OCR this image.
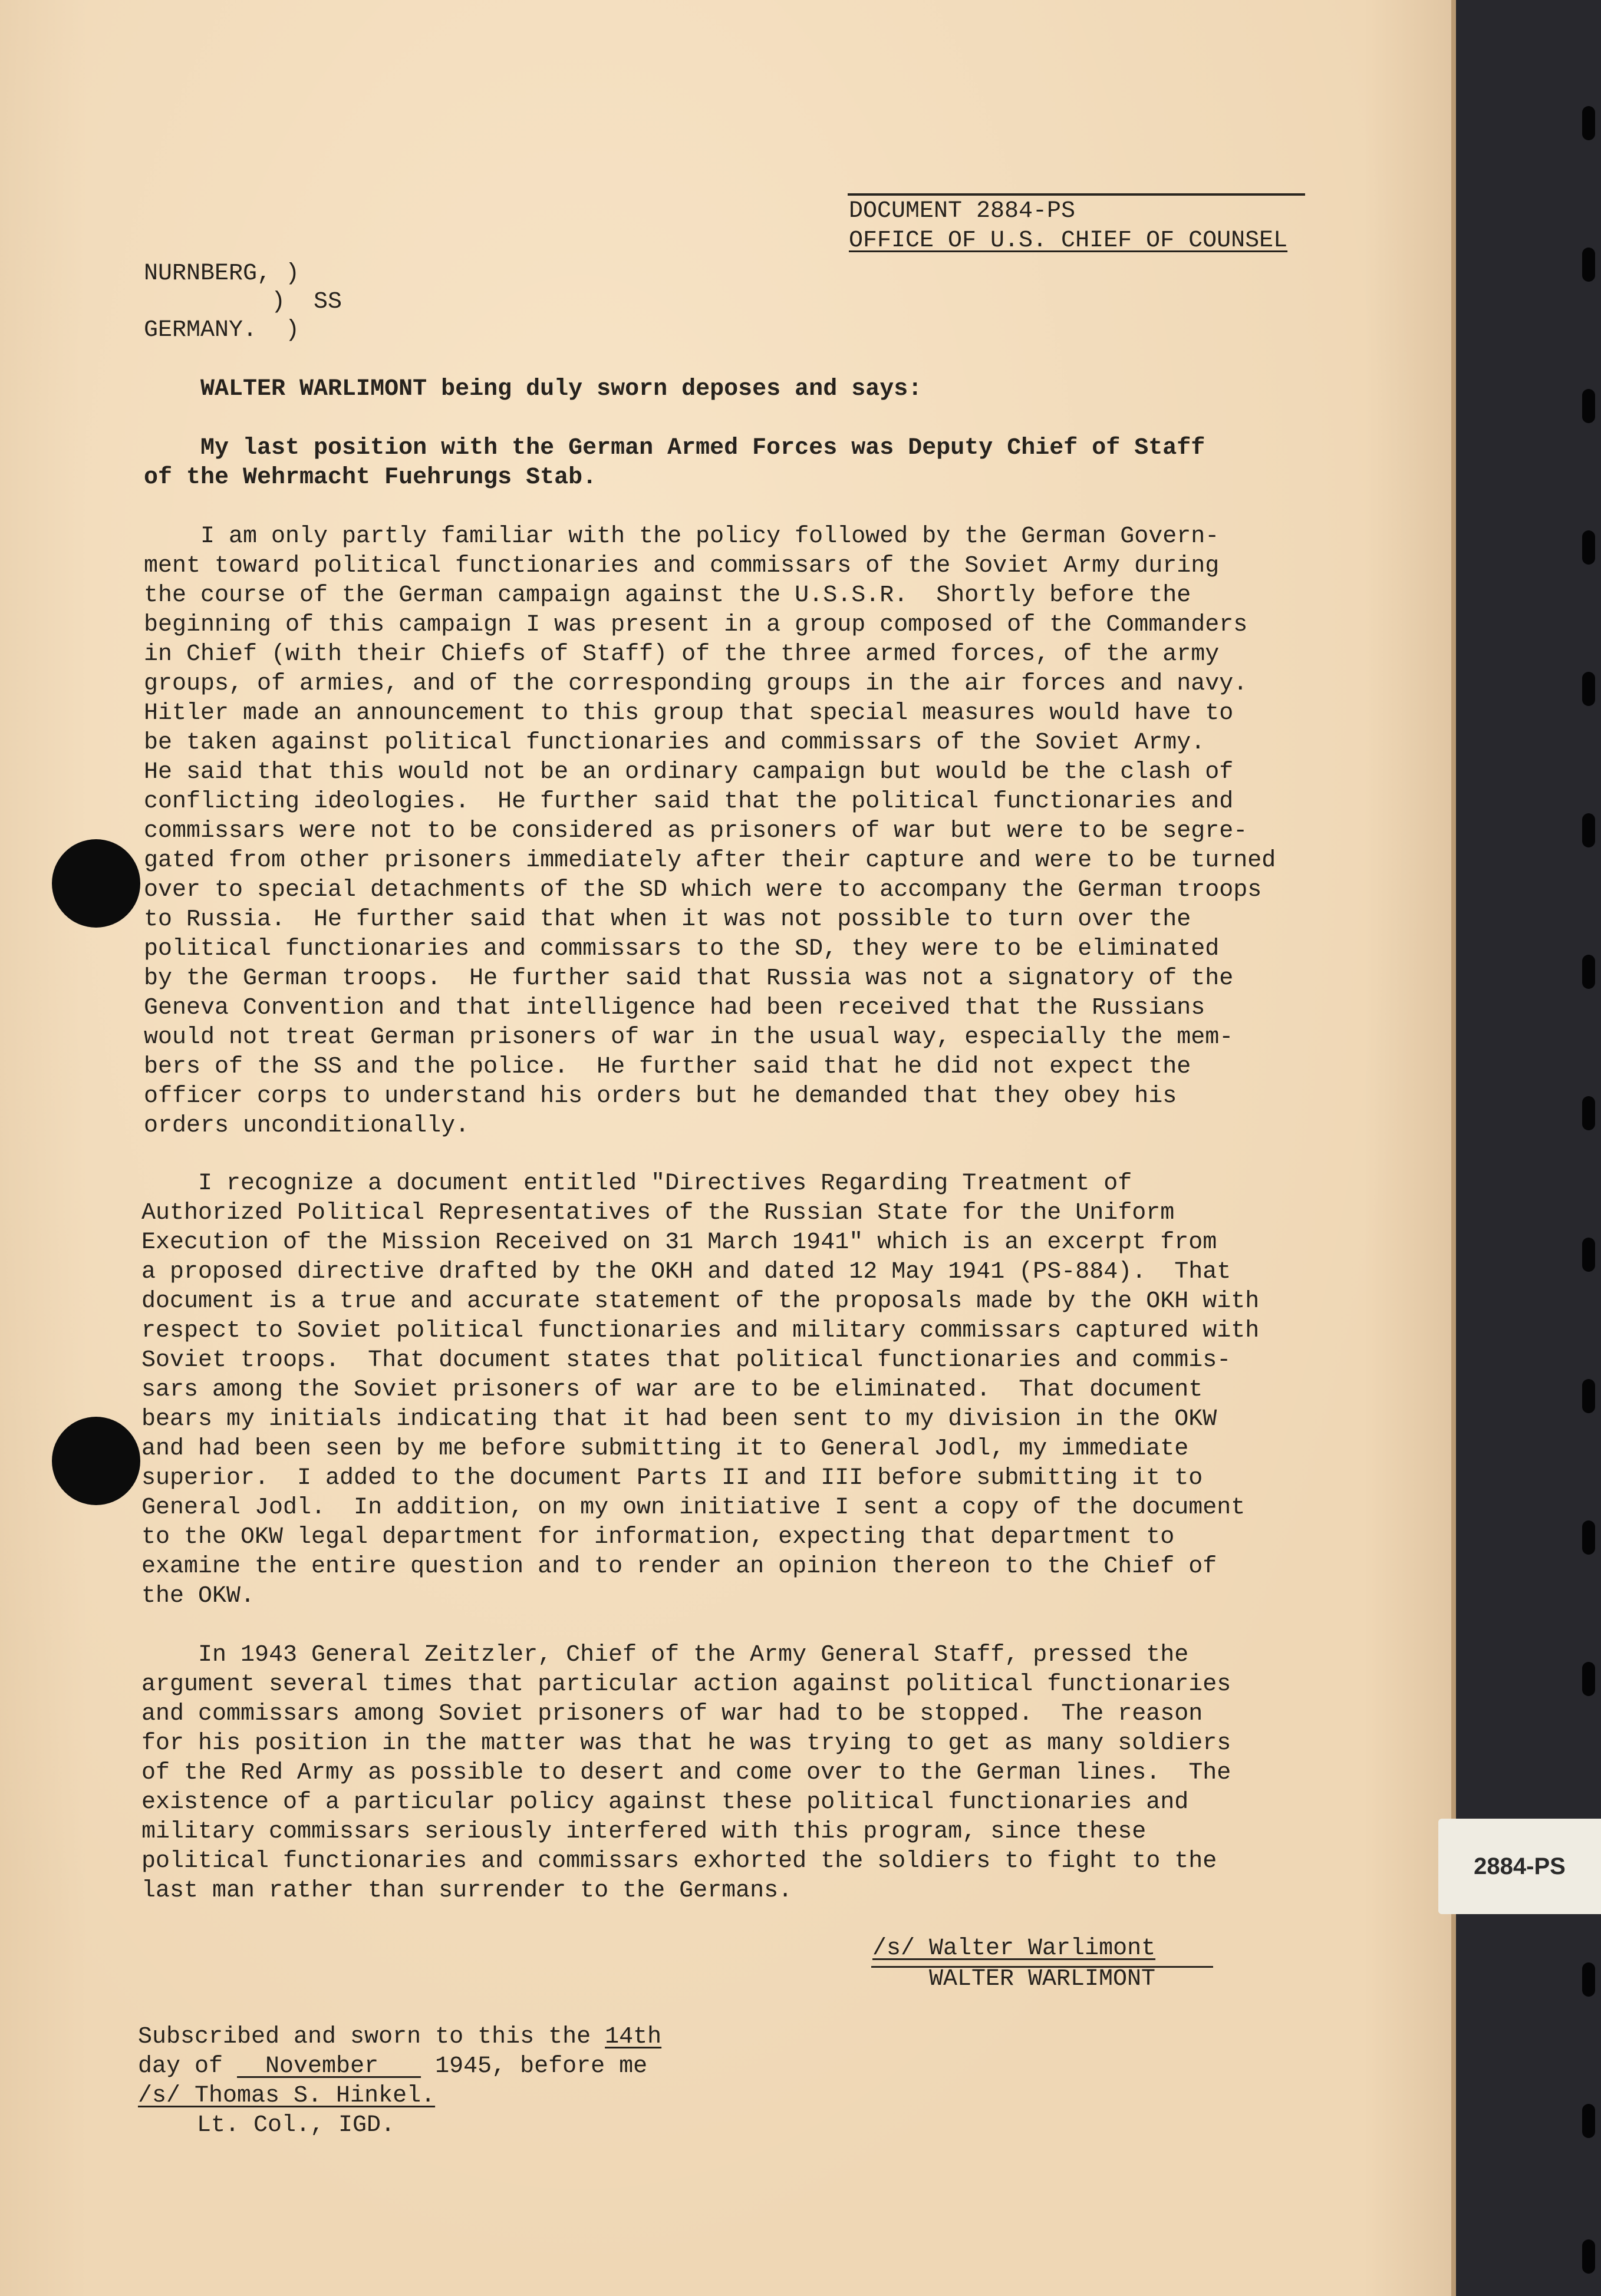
DOCUMENT 2884-PS

OFFICE OF U.S. CHIEF OF COUNSEL

NURNBERG, )

)  SS

GERMANY.  )

WALTER WARLIMONT being duly sworn deposes and says:

My last position with the German Armed Forces was Deputy Chief of Staff
of the Wehrmacht Fuehrungs Stab.

I am only partly familiar with the policy followed by the German Govern-
ment toward political functionaries and commissars of the Soviet Army during
the course of the German campaign against the U.S.S.R.  Shortly before the
beginning of this campaign I was present in a group composed of the Commanders
in Chief (with their Chiefs of Staff) of the three armed forces, of the army
groups, of armies, and of the corresponding groups in the air forces and navy.
Hitler made an announcement to this group that special measures would have to
be taken against political functionaries and commissars of the Soviet Army.
He said that this would not be an ordinary campaign but would be the clash of
conflicting ideologies.  He further said that the political functionaries and
commissars were not to be considered as prisoners of war but were to be segre-
gated from other prisoners immediately after their capture and were to be turned
over to special detachments of the SD which were to accompany the German troops
to Russia.  He further said that when it was not possible to turn over the
political functionaries and commissars to the SD, they were to be eliminated
by the German troops.  He further said that Russia was not a signatory of the
Geneva Convention and that intelligence had been received that the Russians
would not treat German prisoners of war in the usual way, especially the mem-
bers of the SS and the police.  He further said that he did not expect the
officer corps to understand his orders but he demanded that they obey his
orders unconditionally.

I recognize a document entitled "Directives Regarding Treatment of
Authorized Political Representatives of the Russian State for the Uniform
Execution of the Mission Received on 31 March 1941" which is an excerpt from
a proposed directive drafted by the OKH and dated 12 May 1941 (PS-884).  That
document is a true and accurate statement of the proposals made by the OKH with
respect to Soviet political functionaries and military commissars captured with
Soviet troops.  That document states that political functionaries and commis-
sars among the Soviet prisoners of war are to be eliminated.  That document
bears my initials indicating that it had been sent to my division in the OKW
and had been seen by me before submitting it to General Jodl, my immediate
superior.  I added to the document Parts II and III before submitting it to
General Jodl.  In addition, on my own initiative I sent a copy of the document
to the OKW legal department for information, expecting that department to
examine the entire question and to render an opinion thereon to the Chief of
the OKW.

In 1943 General Zeitzler, Chief of the Army General Staff, pressed the
argument several times that particular action against political functionaries
and commissars among Soviet prisoners of war had to be stopped.  The reason
for his position in the matter was that he was trying to get as many soldiers
of the Red Army as possible to desert and come over to the German lines.  The
existence of a particular policy against these political functionaries and
military commissars seriously interfered with this program, since these
political functionaries and commissars exhorted the soldiers to fight to the
last man rather than surrender to the Germans.

/s/ Walter Warlimont

WALTER WARLIMONT

Subscribed and sworn to this the 14th
day of   November    1945, before me

/s/ Thomas S. Hinkel.

Lt. Col., IGD.

2884-PS
